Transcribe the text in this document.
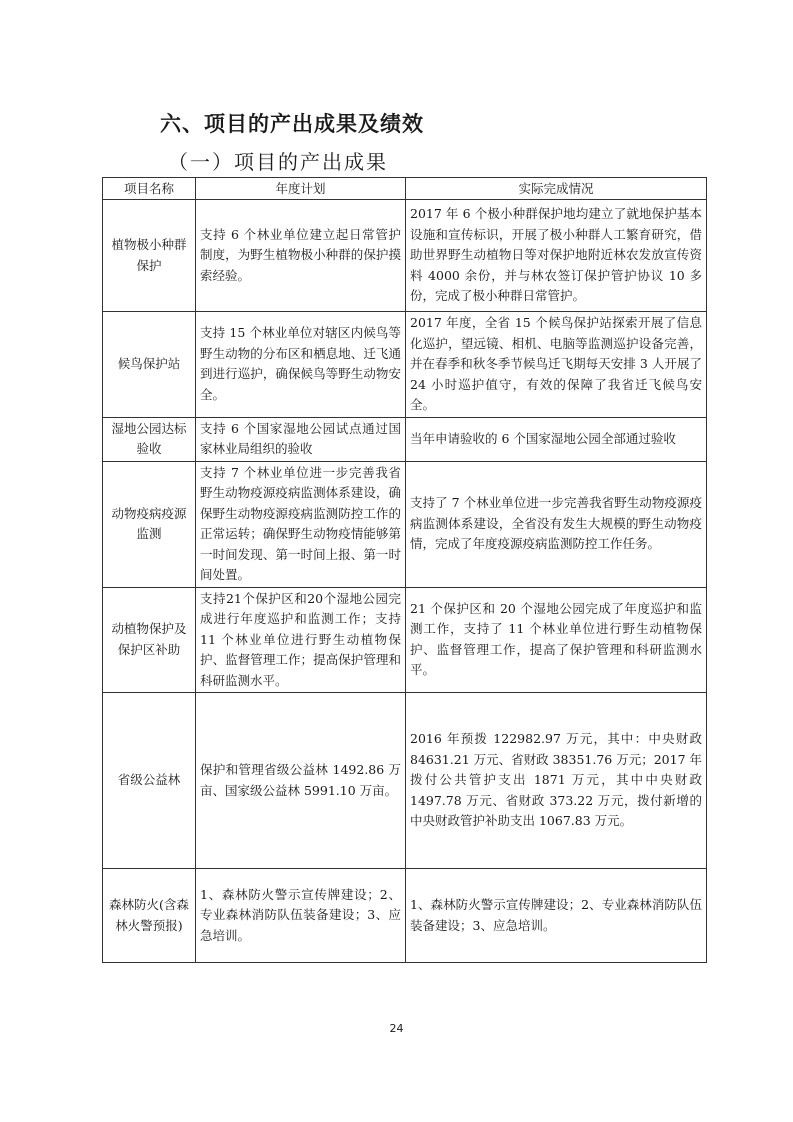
六、项目的产出成果及绩效
（一）项目的产出成果
项目名称	年度计划	实际完成情况
植物极小种群保护	支持 6 个林业单位建立起日常管护制度，为野生植物极小种群的保护摸索经验。	2017 年 6 个极小种群保护地均建立了就地保护基本设施和宣传标识，开展了极小种群人工繁育研究，借助世界野生动植物日等对保护地附近林农发放宣传资料 4000 余份，并与林农签订保护管护协议 10 多份，完成了极小种群日常管护。
候鸟保护站	支持 15 个林业单位对辖区内候鸟等野生动物的分布区和栖息地、迁飞通到进行巡护，确保候鸟等野生动物安全。	2017 年度，全省 15 个候鸟保护站探索开展了信息化巡护，望远镜、相机、电脑等监测巡护设备完善，并在春季和秋冬季节候鸟迁飞期每天安排 3 人开展了 24 小时巡护值守，有效的保障了我省迁飞候鸟安全。
湿地公园达标验收	支持 6 个国家湿地公园试点通过国家林业局组织的验收	当年申请验收的 6 个国家湿地公园全部通过验收
动物疫病疫源监测	支持 7 个林业单位进一步完善我省野生动物疫源疫病监测体系建设，确保野生动物疫源疫病监测防控工作的正常运转；确保野生动物疫情能够第一时间发现、第一时间上报、第一时间处置。	支持了 7 个林业单位进一步完善我省野生动物疫源疫病监测体系建设，全省没有发生大规模的野生动物疫情，完成了年度疫源疫病监测防控工作任务。
动植物保护及保护区补助	支持21个保护区和20个湿地公园完成进行年度巡护和监测工作；支持 11 个林业单位进行野生动植物保护、监督管理工作；提高保护管理和科研监测水平。	21 个保护区和 20 个湿地公园完成了年度巡护和监测工作，支持了 11 个林业单位进行野生动植物保护、监督管理工作，提高了保护管理和科研监测水平。
省级公益林	保护和管理省级公益林 1492.86 万亩、国家级公益林 5991.10 万亩。	2016 年预拨 122982.97 万元，其中：中央财政 84631.21 万元、省财政 38351.76 万元；2017 年拨付公共管护支出 1871 万元，其中中央财政 1497.78 万元、省财政 373.22 万元，拨付新增的中央财政管护补助支出 1067.83 万元。
森林防火(含森林火警预报)	1、森林防火警示宣传牌建设；2、专业森林消防队伍装备建设；3、应急培训。	1、森林防火警示宣传牌建设；2、专业森林消防队伍装备建设；3、应急培训。
24
